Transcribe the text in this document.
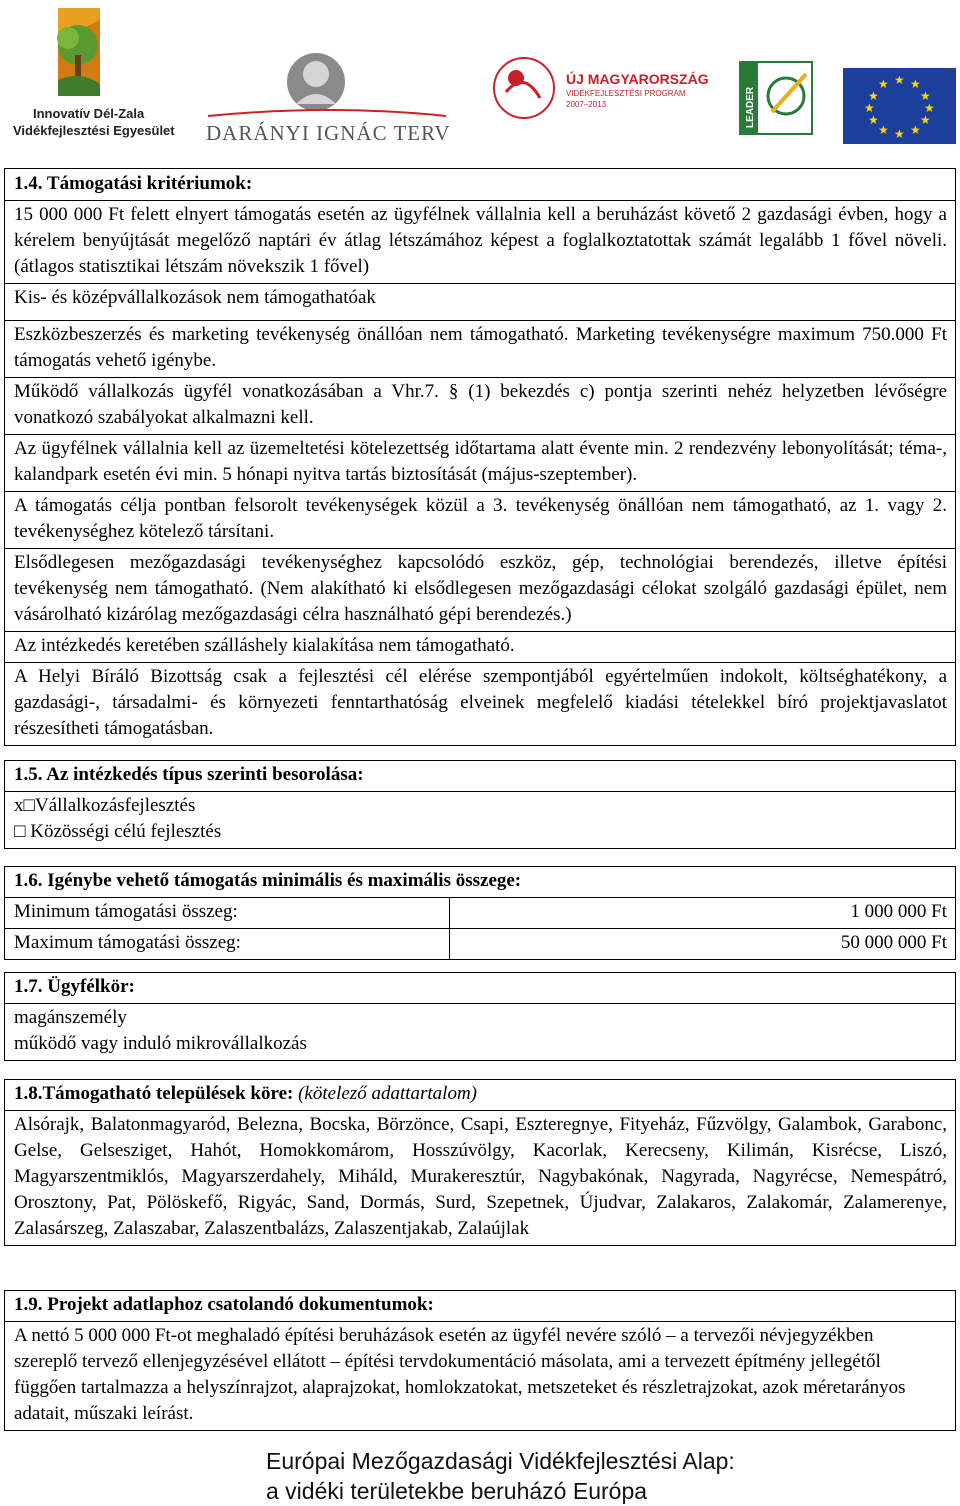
Innovatív Dél-Zala
Vidékfejlesztési Egyesület DARÁNYI IGNÁC TERV
ÚJ MAGYARORSZÁG
VIDÉKFEJLESZTÉSI PROGRAM
2007–2013	LEADER
★ ★
★
★
★
★
★
★
★
★
★
★
1.4. Támogatási kritériumok:
15 000 000 Ft felett elnyert támogatás esetén az ügyfélnek vállalnia kell a beruházást követő 2 gazdasági évben, hogy a kérelem benyújtását megelőző naptári év átlag létszámához képest a foglalkoztatottak számát legalább 1 fővel növeli. (átlagos statisztikai létszám növekszik 1 fővel)
Kis- és középvállalkozások nem támogathatóak
Eszközbeszerzés és marketing tevékenység önállóan nem támogatható. Marketing tevékenységre maximum 750.000 Ft támogatás vehető igénybe.
Működő vállalkozás ügyfél vonatkozásában a Vhr.7. § (1) bekezdés c) pontja szerinti nehéz helyzetben lévőségre vonatkozó szabályokat alkalmazni kell.
Az ügyfélnek vállalnia kell az üzemeltetési kötelezettség időtartama alatt évente min. 2 rendezvény lebonyolítását; téma-, kalandpark esetén évi min. 5 hónapi nyitva tartás biztosítását (május-szeptember).
A támogatás célja pontban felsorolt tevékenységek közül a 3. tevékenység önállóan nem támogatható, az 1. vagy 2. tevékenységhez kötelező társítani.
Elsődlegesen mezőgazdasági tevékenységhez kapcsolódó eszköz, gép, technológiai berendezés, illetve építési tevékenység nem támogatható. (Nem alakítható ki elsődlegesen mezőgazdasági célokat szolgáló gazdasági épület, nem vásárolható kizárólag mezőgazdasági célra használható gépi berendezés.)
Az intézkedés keretében szálláshely kialakítása nem támogatható.
A Helyi Bíráló Bizottság csak a fejlesztési cél elérése szempontjából egyértelműen indokolt, költséghatékony, a gazdasági-, társadalmi- és környezeti fenntarthatóság elveinek megfelelő kiadási tételekkel bíró projektjavaslatot részesítheti támogatásban.
1.5. Az intézkedés típus szerinti besorolása:

x□Vállalkozásfejlesztés
□ Közösségi célú fejlesztés
1.6. Igénybe vehető támogatás minimális és maximális összege:	
Minimum támogatási összeg:	1 000 000 Ft
Maximum támogatási összeg:	50 000 000 Ft
1.7. Ügyfélkör:

magánszemély
működő vagy induló mikrovállalkozás
1.8.Támogatható települések köre: (kötelező adattartalom)
Alsórajk, Balatonmagyaród, Belezna, Bocska, Börzönce, Csapi, Eszteregnye, Fityeház, Fűzvölgy, Galambok, Garabonc, Gelse, Gelsesziget, Hahót, Homokkomárom, Hosszúvölgy, Kacorlak, Kerecseny, Kilimán, Kisrécse, Liszó, Magyarszentmiklós, Magyarszerdahely, Miháld, Murakeresztúr, Nagybakónak, Nagyrada, Nagyrécse, Nemespátró, Orosztony, Pat, Pölöskefő, Rigyác, Sand, Dormás, Surd, Szepetnek, Újudvar, Zalakaros, Zalakomár, Zalamerenye, Zalasárszeg, Zalaszabar, Zalaszentbalázs, Zalaszentjakab, Zalaújlak
1.9. Projekt adatlaphoz csatolandó dokumentumok:
A nettó 5 000 000 Ft-ot meghaladó építési beruházások esetén az ügyfél nevére szóló – a tervezői névjegyzékben szereplő tervező ellenjegyzésével ellátott – építési tervdokumentáció másolata, ami a tervezett építmény jellegétől függően tartalmazza a helyszínrajzot, alaprajzokat, homlokzatokat, metszeteket és részletrajzokat, azok méretarányos adatait, műszaki leírást.
Európai Mezőgazdasági Vidékfejlesztési Alap:
a vidéki területekbe beruházó Európa
